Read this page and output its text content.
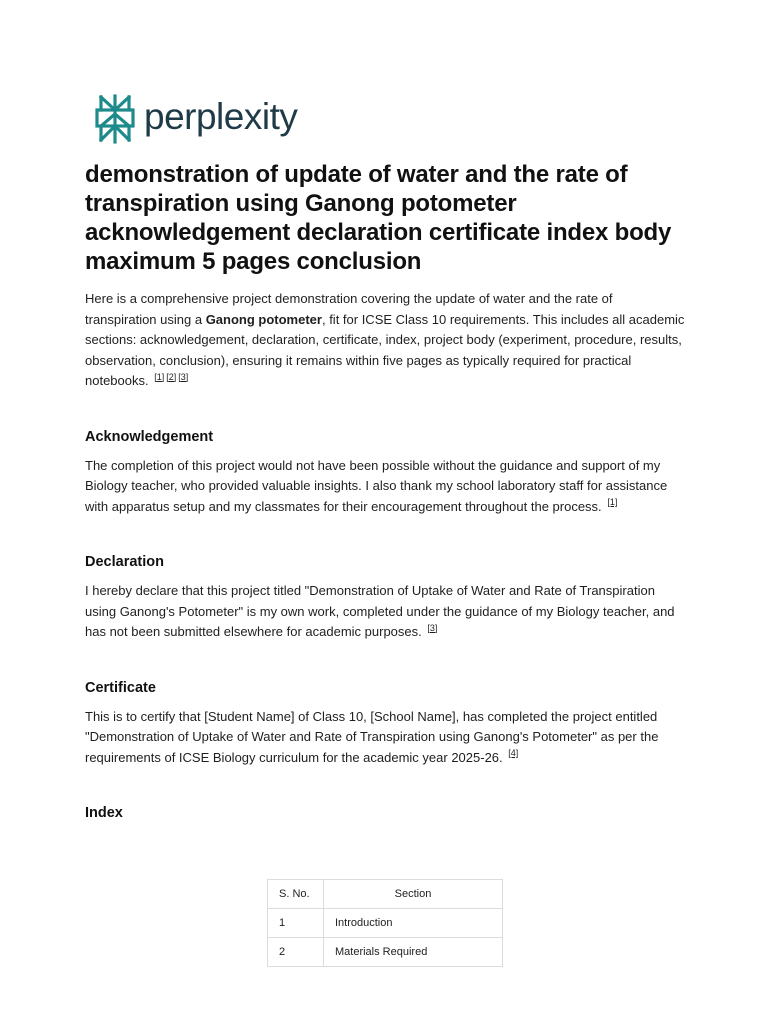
perplexity
demonstration of update of water and the rate of transpiration using Ganong potometer acknowledgement declaration certificate index body maximum 5 pages conclusion

Here is a comprehensive project demonstration covering the update of water and the rate of transpiration using a Ganong potometer, fit for ICSE Class 10 requirements. This includes all academic sections: acknowledgement, declaration, certificate, index, project body (experiment, procedure, results, observation, conclusion), ensuring it remains within five pages as typically required for practical notebooks. [1] [2] [3]

Acknowledgement

The completion of this project would not have been possible without the guidance and support of my Biology teacher, who provided valuable insights. I also thank my school laboratory staff for assistance with apparatus setup and my classmates for their encouragement throughout the process. [1]

Declaration

I hereby declare that this project titled "Demonstration of Uptake of Water and Rate of Transpiration using Ganong's Potometer" is my own work, completed under the guidance of my Biology teacher, and has not been submitted elsewhere for academic purposes. [3]

Certificate

This is to certify that [Student Name] of Class 10, [School Name], has completed the project entitled "Demonstration of Uptake of Water and Rate of Transpiration using Ganong's Potometer" as per the requirements of ICSE Biology curriculum for the academic year 2025-26. [4]

Index
S. No.	Section
1	Introduction
2	Materials Required
